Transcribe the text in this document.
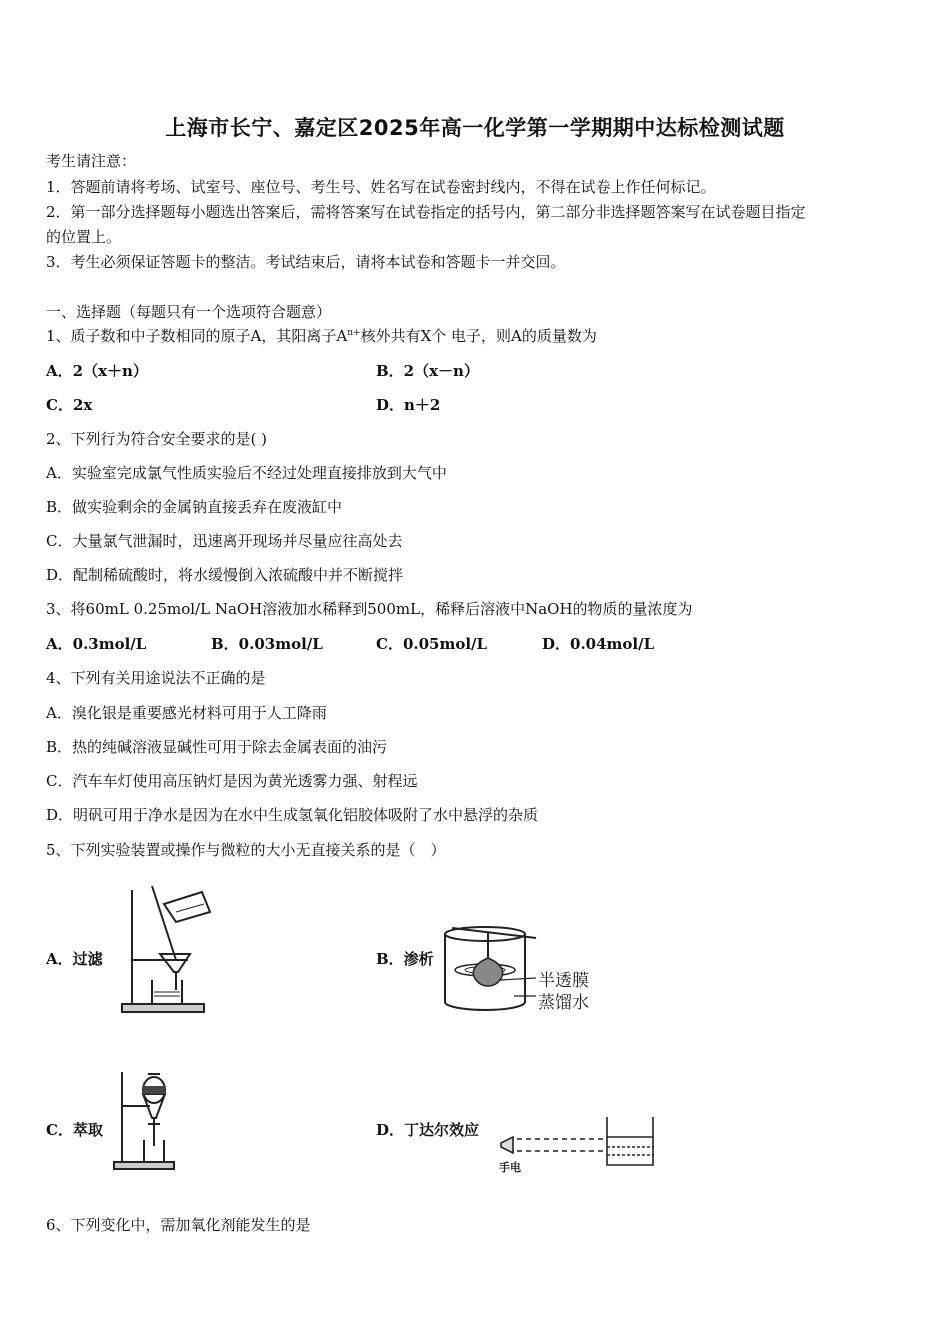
上海市长宁、嘉定区2025年高一化学第一学期期中达标检测试题
考生请注意：
1．答题前请将考场、试室号、座位号、考生号、姓名写在试卷密封线内，不得在试卷上作任何标记。
2．第一部分选择题每小题选出答案后，需将答案写在试卷指定的括号内，第二部分非选择题答案写在试卷题目指定
的位置上。
3．考生必须保证答题卡的整洁。考试结束后，请将本试卷和答题卡一并交回。
一、选择题（每题只有一个选项符合题意）
1、质子数和中子数相同的原子A，其阳离子$A^{n+}$核外共有X个 电子，则A的质量数为
A．2（x＋n）	B．2（x－n）
C．2x	D．n＋2
2、下列行为符合安全要求的是( )
A．实验室完成氯气性质实验后不经过处理直接排放到大气中
B．做实验剩余的金属钠直接丢弃在废液缸中
C．大量氯气泄漏时，迅速离开现场并尽量应往高处去
D．配制稀硫酸时，将水缓慢倒入浓硫酸中并不断搅拌
3、将60mL 0.25mol/L NaOH溶液加水稀释到500mL，稀释后溶液中NaOH的物质的量浓度为
A．0.3mol/L	B．0.03mol/L	C．0.05mol/L	D．0.04mol/L
4、下列有关用途说法不正确的是
A．溴化银是重要感光材料可用于人工降雨
B．热的纯碱溶液显碱性可用于除去金属表面的油污
C．汽车车灯使用高压钠灯是因为黄光透雾力强、射程远
D．明矾可用于净水是因为在水中生成氢氧化铝胶体吸附了水中悬浮的杂质
5、下列实验装置或操作与微粒的大小无直接关系的是（　）
A．过滤	B．渗析
C．萃取	D．丁达尔效应
半透膜
蒸馏水
手电
6、下列变化中，需加氧化剂能发生的是
